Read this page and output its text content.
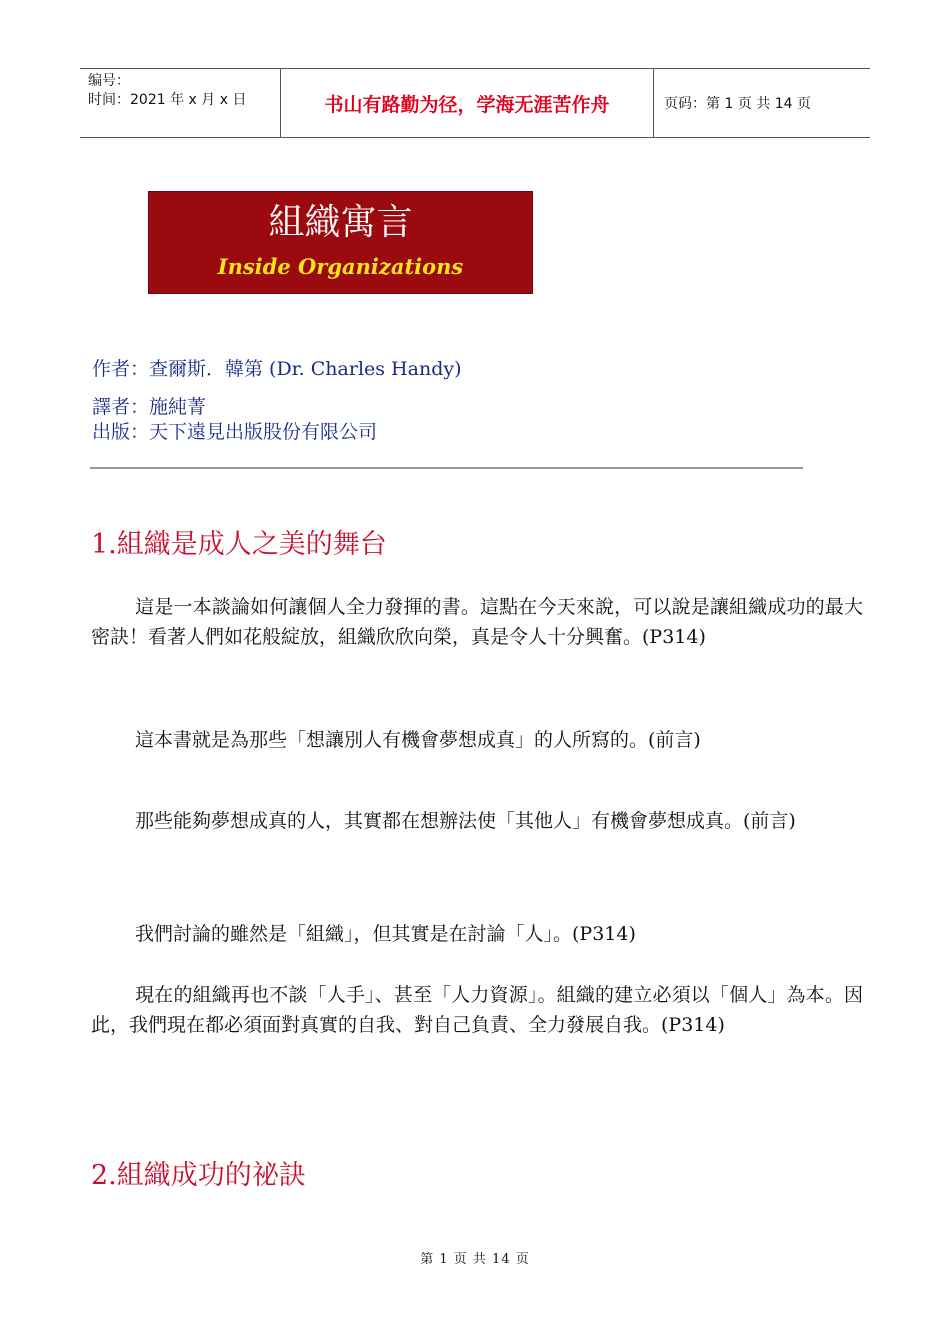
编号：
时间：2021 年 x 月 x 日	书山有路勤为径，学海无涯苦作舟	页码：第 1 页 共 14 页
組織寓言
Inside Organizations
作者：查爾斯．韓第 (Dr. Charles Handy)
譯者：施純菁
出版：天下遠見出版股份有限公司
1.組織是成人之美的舞台
這是一本談論如何讓個人全力發揮的書。這點在今天來說，可以說是讓組織成功的最大密訣！看著人們如花般綻放，組織欣欣向榮，真是令人十分興奮。(P314)
這本書就是為那些「想讓別人有機會夢想成真」的人所寫的。(前言)
那些能夠夢想成真的人，其實都在想辦法使「其他人」有機會夢想成真。(前言)
我們討論的雖然是「組織」，但其實是在討論「人」。(P314)
現在的組織再也不談「人手」、甚至「人力資源」。組織的建立必須以「個人」為本。因此，我們現在都必須面對真實的自我、對自己負責、全力發展自我。(P314)
2.組織成功的祕訣
第 1 页 共 14 页
